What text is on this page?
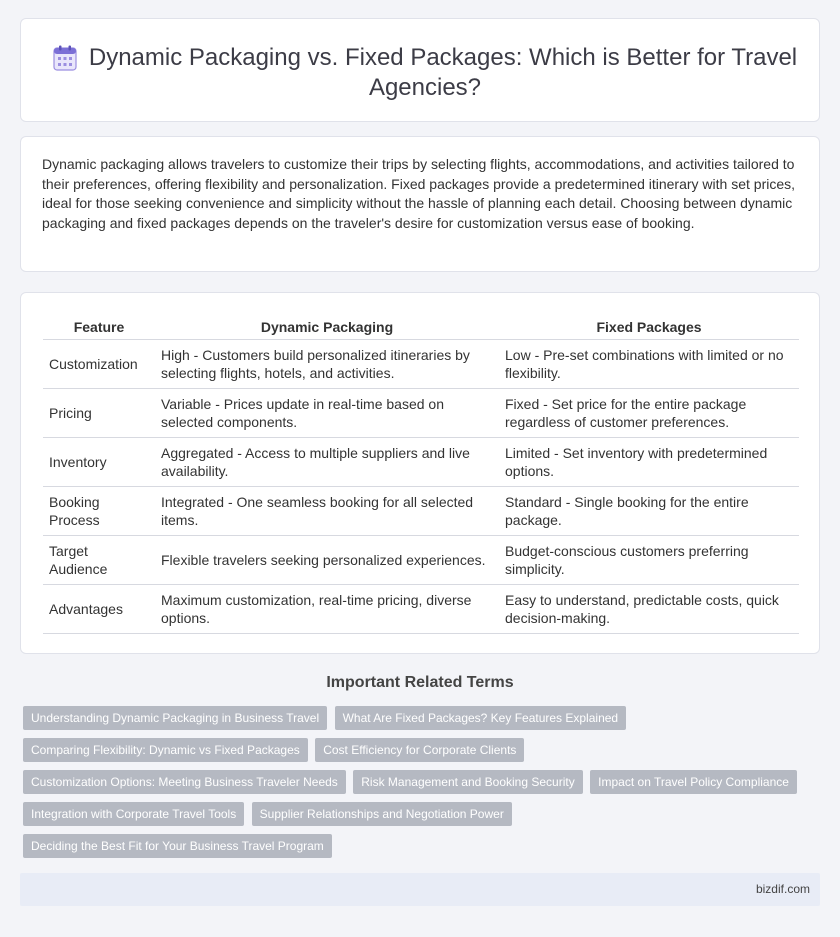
Dynamic Packaging vs. Fixed Packages: Which is Better for Travel Agencies?

Dynamic packaging allows travelers to customize their trips by selecting flights, accommodations, and activities tailored to their preferences, offering flexibility and personalization. Fixed packages provide a predetermined itinerary with set prices, ideal for those seeking convenience and simplicity without the hassle of planning each detail. Choosing between dynamic packaging and fixed packages depends on the traveler's desire for customization versus ease of booking.

Feature	Dynamic Packaging	Fixed Packages
Customization	High - Customers build personalized itineraries by selecting flights, hotels, and activities.	Low - Pre-set combinations with limited or no flexibility.
Pricing	Variable - Prices update in real-time based on selected components.	Fixed - Set price for the entire package regardless of customer preferences.
Inventory	Aggregated - Access to multiple suppliers and live availability.	Limited - Set inventory with predetermined options.
Booking Process	Integrated - One seamless booking for all selected items.	Standard - Single booking for the entire package.
Target Audience	Flexible travelers seeking personalized experiences.	Budget-conscious customers preferring simplicity.
Advantages	Maximum customization, real-time pricing, diverse options.	Easy to understand, predictable costs, quick decision-making.
Important Related Terms
Understanding Dynamic Packaging in Business Travel What Are Fixed Packages? Key Features Explained
Comparing Flexibility: Dynamic vs Fixed Packages Cost Efficiency for Corporate Clients
Customization Options: Meeting Business Traveler Needs Risk Management and Booking Security Impact on Travel Policy Compliance
Integration with Corporate Travel Tools Supplier Relationships and Negotiation Power
Deciding the Best Fit for Your Business Travel Program
bizdif.com
